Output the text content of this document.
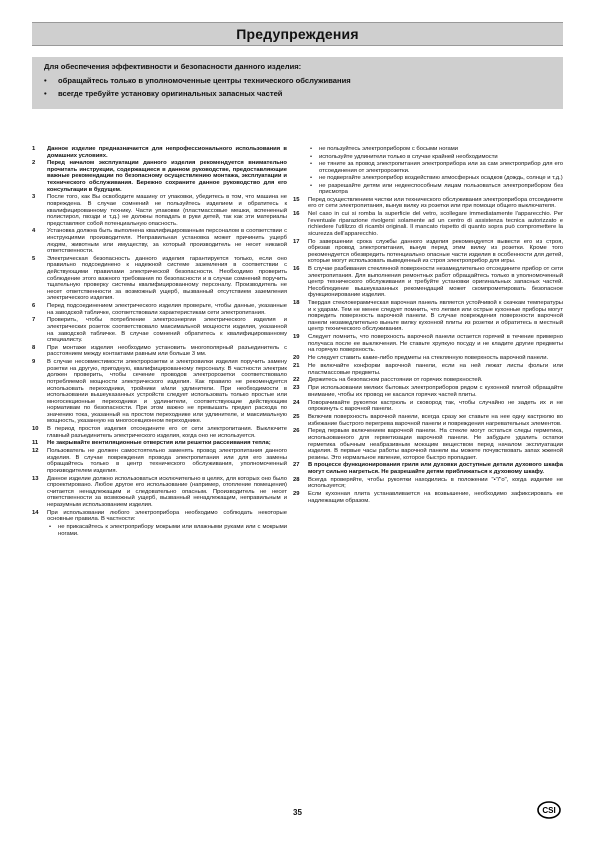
Предупреждения
Для обеспечения эффективности и безопасности данного изделия:
• обращайтесь только в уполномоченные центры технического обслуживания
• всегде требуйте установку оригинальных запасных частей
1 Данное изделие предназначается для непрофессионального использования в домашних условиях.
2 Перед началом эксплуатации данного изделия рекомендуется внимательно прочитать инструкции, содержащиеся в данном руководстве, предоставляющие важные рекомендации по безопасному осуществлению монтажа, эксплуатации и технического обслуживания. Бережно сохраните данное руководство для его консультации в будущем.
3 После того, как Вы освободите машину от упаковки, убедитесь в том, что машина не повреждена. В случае сомнений не пользуйтесь изделием и обратитесь к квалифицированному технику. Части упаковки (пластмассовые мешки, вспененный полистирол, гвозди и т.д.) не должны попадать в руки детей, так как эти материалы представляют собой потенциальную опасность.
4 Установка должна быть выполнена квалифицированным персоналом в соответствии с инструкциями производителя. Неправильная установка может причинить ущерб людям, животным или имуществу, за который производитель не несет никакой ответственности.
5 Электрическая безопасность данного изделия гарантируется только, если оно правильно подсоединено к надежной системе заземления в соответствии с действующими правилами электрической безопасности. Необходимо проверить соблюдение этого важного требования по безопасности и в случае сомнений поручить тщательную проверку системы квалифицированному персоналу. Производитель не несет ответственности за возможный ущерб, вызванный отсутствием заземления электрического изделия.
6 Перед подсоединением электрического изделия проверьте, чтобы данные, указанные на заводской табличке, соответствовали характеристикам сети электропитания.
7 Проверить, чтобы потребление электроэнергии электрического изделия и электрических розеток соответствовало максимальной мощности изделия, указанной на заводской табличке. В случае сомнений обратитесь к квалифицированному специалисту.
8 При монтаже изделия необходимо установить многополярный разъединитель с расстоянием между контактами равным или больше 3 мм.
9 В случае несовместимости электророзетки и электровилки изделия поручить замену розетки на другую, пригодную, квалифицированному персоналу. В частности электрик должен проверить, чтобы сечение проводов электророзетки соответствовало потребляемой мощности электрического изделия. Как правило не рекомендуется использовать переходники, тройники и/или удлинители. При необходимости в использовании вышеуказанных устройств следует использовать только простые или многосекционные переходники и удлинители, соответствующие действующим нормативам по безопасности. При этом важно не превышать предел расхода по значению тока, указанный на простом переходнике или удлинителе, и максимальную мощность, указанную на многосекционном переходнике.
10 В период простоя изделия отсоедините его от сети электропитания. Выключите главный разъединитель электрического изделия, когда оно не используется.
11 Не закрывайте вентиляционные отверстия или решетки рассеивания тепла;
12 Пользователь не должен самостоятельно заменять провод электропитания данного изделия. В случае повреждения провода электропитания или для его замены обращайтесь только в центр технического обслуживания, уполномоченный производителем изделия.
13 Данное изделие должно использоваться исключительно в целях, для которых оно было спроектировано. Любое другое его использование (например, отопление помещения) считается ненадлежащим и следовательно опасным. Производитель не несет ответственности за возможный ущерб, вызванный ненадлежащим, неправильным и неразумным использованием изделия.
14 При использовании любого электроприбора необходимо соблюдать некоторые основные правила. В частности:
• не прикасайтесь к электроприбору мокрыми или влажными руками или с мокрыми ногами.
• не пользуйтесь электроприбором с босыми ногами
• используйте удлинители только в случае крайней необходимости
• не тяните за провод электропитания электроприбора или за сам электроприбор для его отсоединения от электророзетки.
• не подвергайте электроприбор воздействию атмосферных осадков (дождь, солнце и т.д.)
• не разрешайте детям или недееспособным лицам пользоваться электроприбором без присмотра
15 Перед осуществлением чистки или технического обслуживания электроприбора отсоедините его от сети электропитания, вынув вилку из розетки или при помощи общего выключателя.
16 Nel caso in cui si romba la superficie del vetro, scollegare immediatamente l'apparecchio. Per l'eventuale riparazione rivolgersi solamente ad un centro di assistenza tecnica autorizzato e richiedere l'utilizzo di ricambi originali. Il mancato rispetto di quanto sopra può compromettere la sicurezza dell'apparecchio.
17 По завершении срока службы данного изделия рекомендуется вывести его из строя, обрезав провод электропитания, вынув перед этим вилку из розетки. Кроме того рекомендуется обезвредить потенциально опасные части изделия в особенности для детей, которые могут использовать выведенный из строя электроприбор для игры.
16 В случае разбивания стеклянной поверхности незамедлительно отсоедините прибор от сети электропитания. Для выполнения ремонтных работ обращайтесь только в уполномоченный центр технического обслуживания и требуйте установки оригинальных запасных частей. Несоблюдение вышеуказанных рекомендаций может скомпрометировать безопасное функционирование изделия.
18 Твердая стеклокерамическая варочная панель является устойчивой к скачкам температуры и к ударам. Тем не менее следует помнить, что легвия или острые кухонные приборы могут повредить поверхность варочной панели. В случае повреждения поверхности варочной панели незамедлительно выньте вилку кухонной плиты из розетки и обратитесь в местный центр технического обслуживания.
19 Следует помнить, что поверхность варочной панели остается горячей в течение примерно получаса после ее выключения. Не ставьте хрупкую посуду и не кладите другие предметы на горячую поверхность.
20 Не следует ставить какие-либо предметы на стеклянную поверхность варочной панели.
21 Не включайте конфорки варочной панели, если на ней лежат листы фольги или пластмассовые предметы.
22 Держитесь на безопасном расстоянии от горячих поверхностей.
23 При использовании мелких бытовых электроприборов рядом с кухонной плитой обращайте внимание, чтобы их провод не касался горячих частей плиты.
24 Поворачивайте рукоятки кастрюль и сковород так, чтобы случайно не задеть их и не опрокинуть с варочной панели.
25 Включив поверхность варочной панели, всегда сразу же ставьте на нее одну кастрюлю во избежание быстрого перегрева варочной панели и повреждения нагревательных элементов.
26 Перед первым включением варочной панели. На стекле могут остаться следы герметика, использованного для герметизации варочной панели. Не забудьте удалить остатки герметика обычным неабразивным моющим веществом перед началом эксплуатации изделия. В первые часы работы варочной панели вы можете почувствовать запах жженой резины. Это нормальное явление, которое быстро пропадает.
27 В процессе функционирования гриля или духовки доступные детали духового шкафа могут сильно нагреться. Не разрешайте детям приближаться к духовому шкафу.
28 Всегда проверяйте, чтобы рукоятки находились в положении "•"/"о", когда изделие не используется;
29 Если кухонная плита устанавливается на возвышение, необходимо зафиксировать ее надлежащим образом.
35	CSI
